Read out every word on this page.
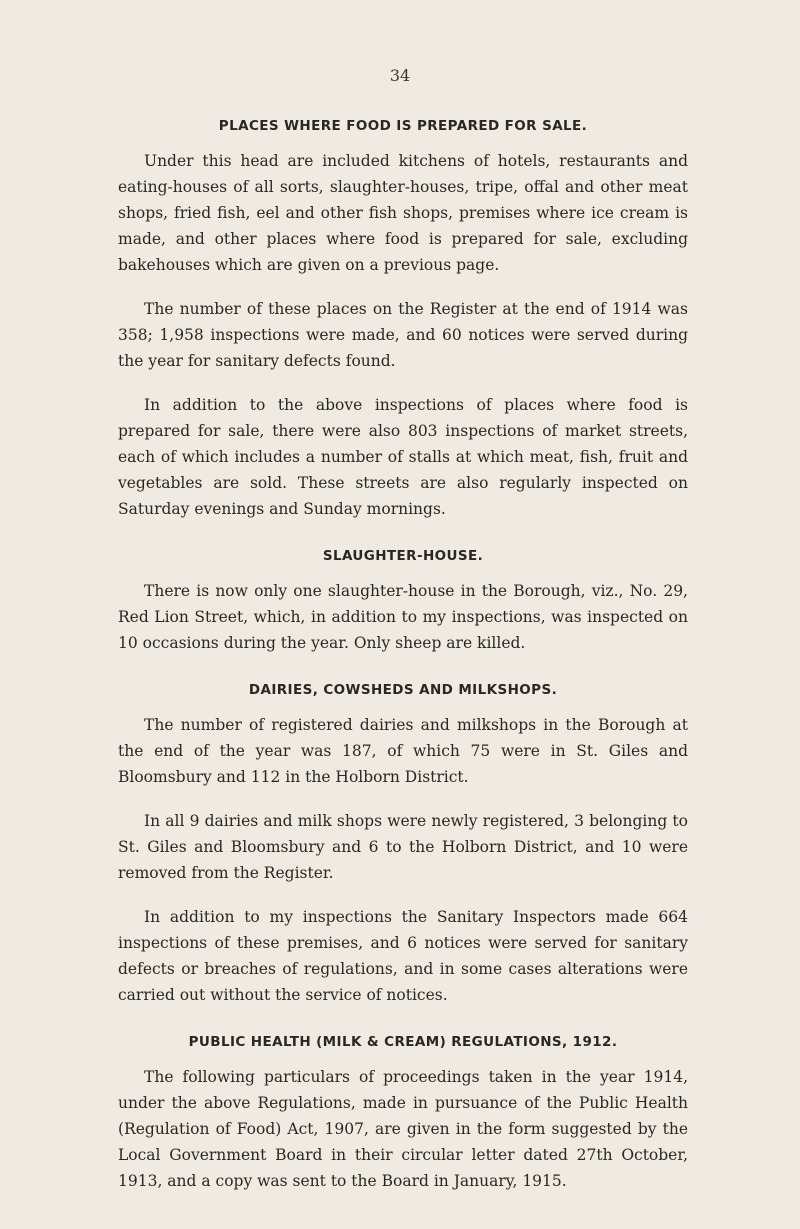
34
PLACES WHERE FOOD IS PREPARED FOR SALE.

Under this head are included kitchens of hotels, restaurants and eating-houses of all sorts, slaughter-houses, tripe, offal and other meat shops, fried fish, eel and other fish shops, premises where ice cream is made, and other places where food is prepared for sale, excluding bakehouses which are given on a previous page.

The number of these places on the Register at the end of 1914 was 358; 1,958 inspections were made, and 60 notices were served during the year for sanitary defects found.

In addition to the above inspections of places where food is prepared for sale, there were also 803 inspections of market streets, each of which includes a number of stalls at which meat, fish, fruit and vegetables are sold. These streets are also regularly inspected on Saturday evenings and Sunday mornings.

SLAUGHTER-HOUSE.

There is now only one slaughter-house in the Borough, viz., No. 29, Red Lion Street, which, in addition to my inspections, was inspected on 10 occasions during the year. Only sheep are killed.

DAIRIES, COWSHEDS AND MILKSHOPS.

The number of registered dairies and milkshops in the Borough at the end of the year was 187, of which 75 were in St. Giles and Bloomsbury and 112 in the Holborn District.

In all 9 dairies and milk shops were newly registered, 3 belonging to St. Giles and Bloomsbury and 6 to the Holborn District, and 10 were removed from the Register.

In addition to my inspections the Sanitary Inspectors made 664 inspections of these premises, and 6 notices were served for sanitary defects or breaches of regulations, and in some cases alterations were carried out without the service of notices.

PUBLIC HEALTH (MILK & CREAM) REGULATIONS, 1912.

The following particulars of proceedings taken in the year 1914, under the above Regulations, made in pursuance of the Public Health (Regulation of Food) Act, 1907, are given in the form suggested by the Local Government Board in their circular letter dated 27th October, 1913, and a copy was sent to the Board in January, 1915.
